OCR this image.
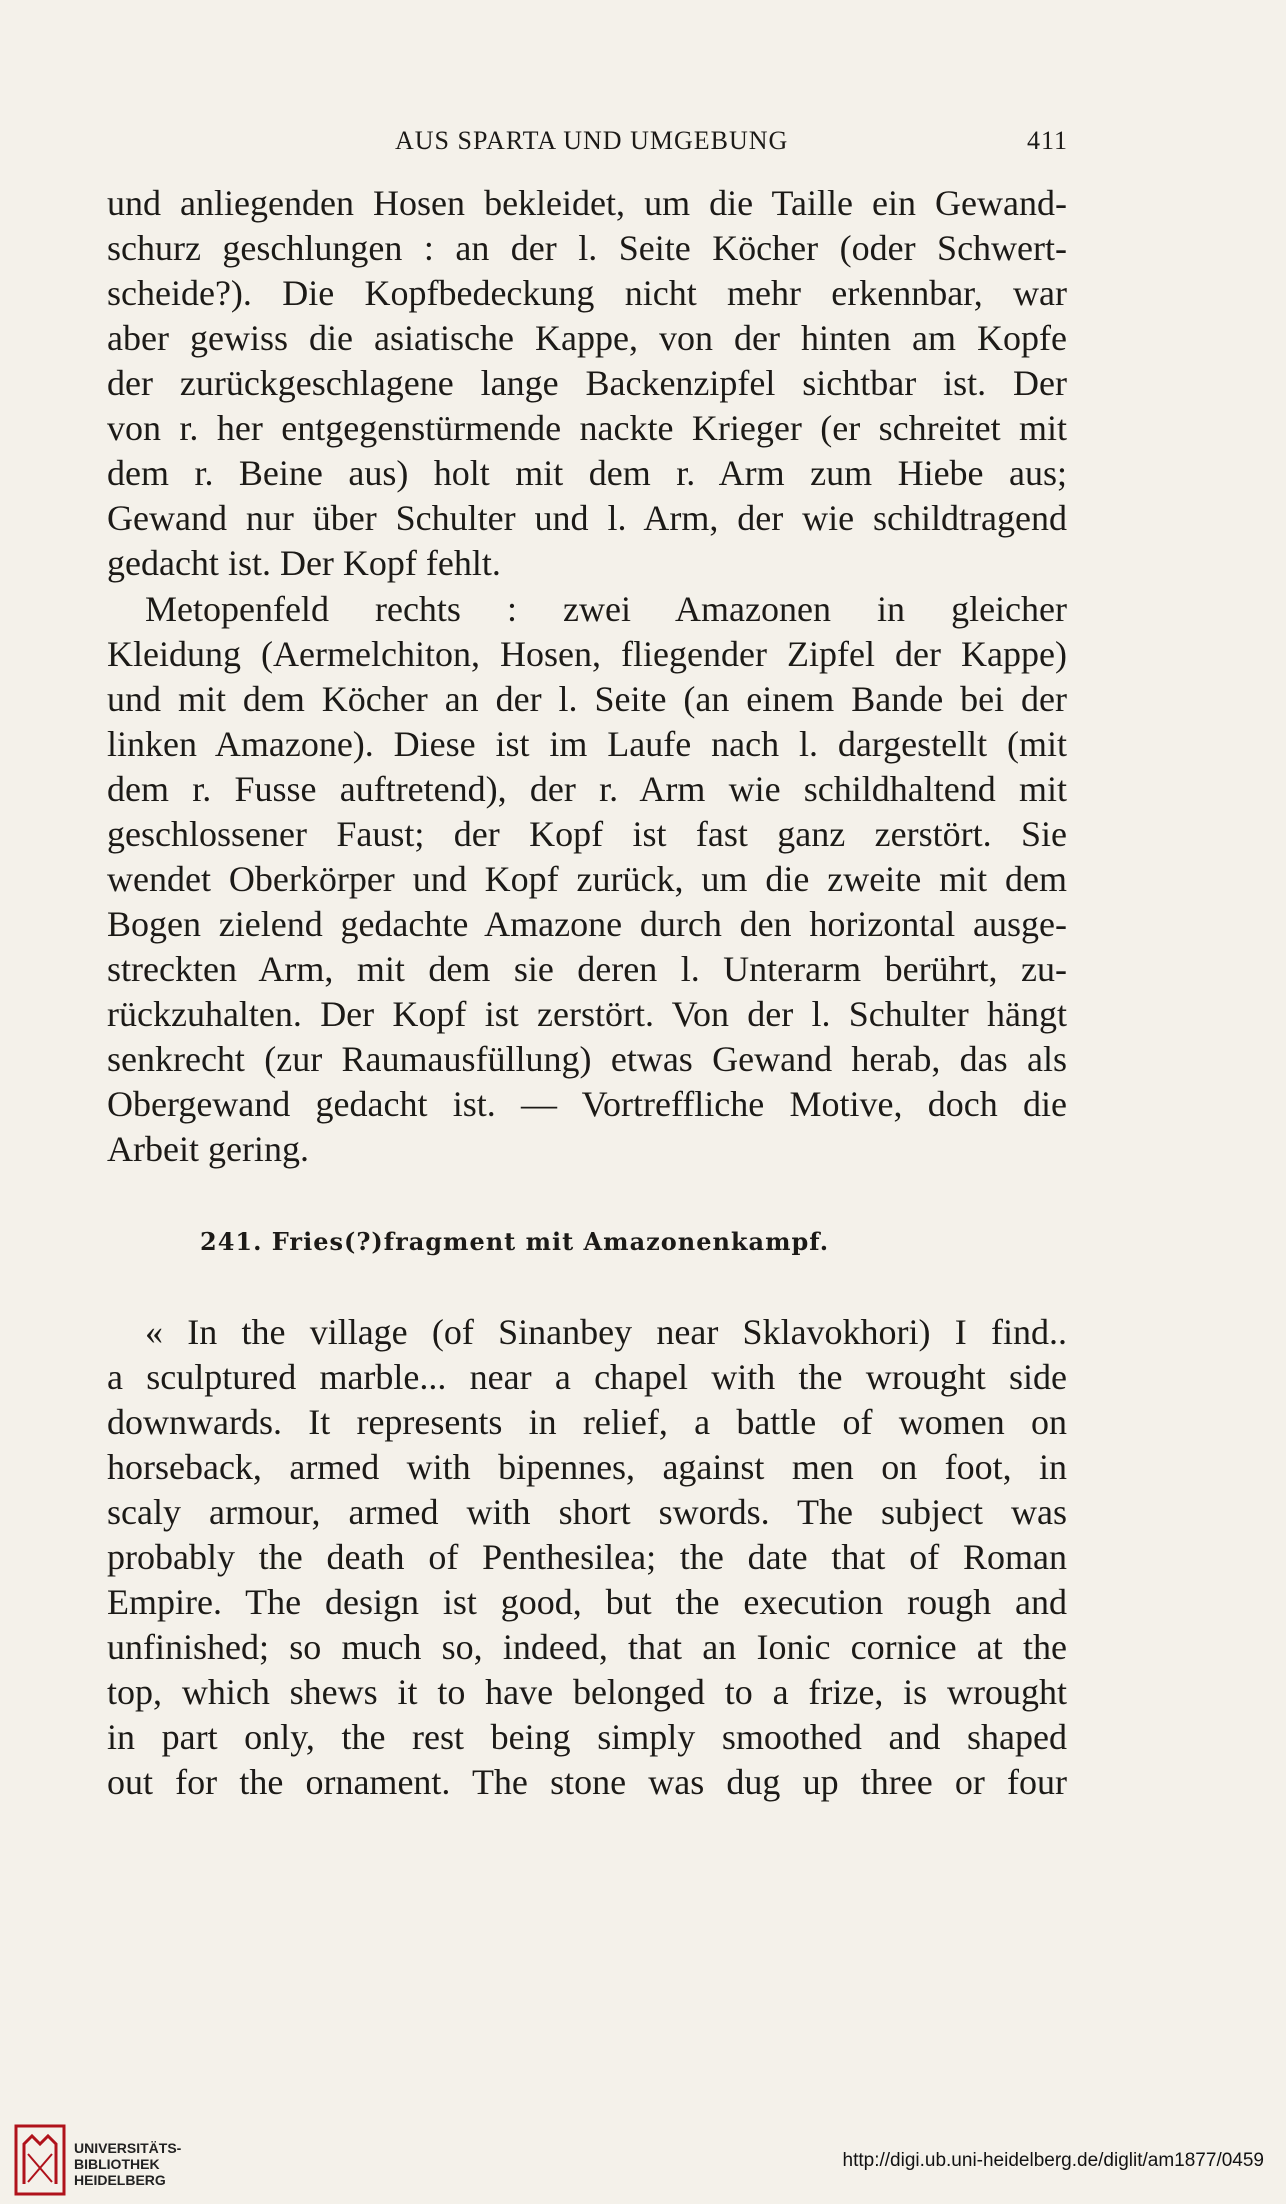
AUS SPARTA UND UMGEBUNG	411
und anliegenden Hosen bekleidet, um die Taille ein Gewand-
schurz geschlungen : an der l. Seite Köcher (oder Schwert-
scheide?). Die Kopfbedeckung nicht mehr erkennbar, war
aber gewiss die asiatische Kappe, von der hinten am Kopfe
der zurückgeschlagene lange Backenzipfel sichtbar ist. Der
von r. her entgegenstürmende nackte Krieger (er schreitet mit
dem r. Beine aus) holt mit dem r. Arm zum Hiebe aus;
Gewand nur über Schulter und l. Arm, der wie schildtragend
gedacht ist. Der Kopf fehlt.
Metopenfeld rechts : zwei Amazonen in gleicher
Kleidung (Aermelchiton, Hosen, fliegender Zipfel der Kappe)
und mit dem Köcher an der l. Seite (an einem Bande bei der
linken Amazone). Diese ist im Laufe nach l. dargestellt (mit
dem r. Fusse auftretend), der r. Arm wie schildhaltend mit
geschlossener Faust; der Kopf ist fast ganz zerstört. Sie
wendet Oberkörper und Kopf zurück, um die zweite mit dem
Bogen zielend gedachte Amazone durch den horizontal ausge-
streckten Arm, mit dem sie deren l. Unterarm berührt, zu-
rückzuhalten. Der Kopf ist zerstört. Von der l. Schulter hängt
senkrecht (zur Raumausfüllung) etwas Gewand herab, das als
Obergewand gedacht ist. — Vortreffliche Motive, doch die
Arbeit gering.
241. Fries(?)fragment mit Amazonenkampf.
« In the village (of Sinanbey near Sklavokhori) I find..
a sculptured marble... near a chapel with the wrought side
downwards. It represents in relief, a battle of women on
horseback, armed with bipennes, against men on foot, in
scaly armour, armed with short swords. The subject was
probably the death of Penthesilea; the date that of Roman
Empire. The design ist good, but the execution rough and
unfinished; so much so, indeed, that an Ionic cornice at the
top, which shews it to have belonged to a frize, is wrought
in part only, the rest being simply smoothed and shaped
out for the ornament. The stone was dug up three or four
UNIVERSITÄTS-
BIBLIOTHEK
HEIDELBERG
http://digi.ub.uni-heidelberg.de/diglit/am1877/0459
